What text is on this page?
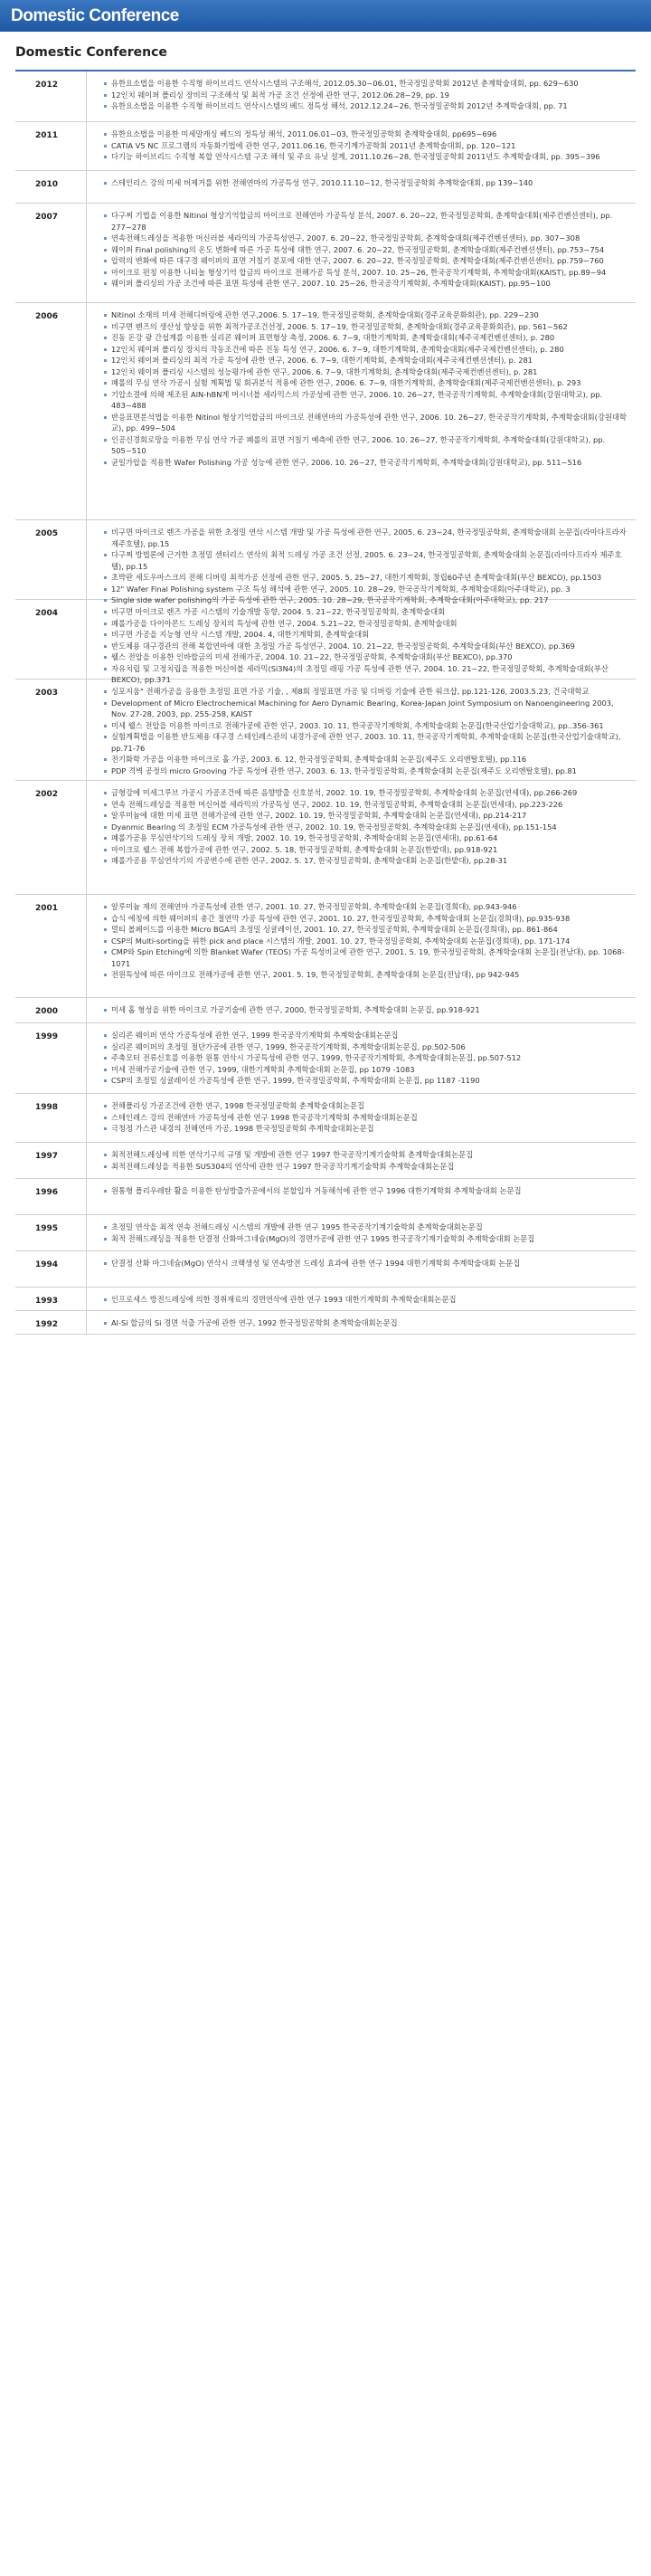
Domestic Conference
Domestic Conference
2012	유한요소법을 이용한 수직형 하이브리드 연삭시스템의 구조해석, 2012.05.30~06.01, 한국정밀공학회 2012년 춘계학술대회, pp. 629~630
12인치 웨이퍼 폴리싱 장비의 구조해석 및 최적 가공 조건 선정에 관한 연구, 2012.06.28~29, pp. 19
유한요소법을 이용한 수직형 하이브리드 연삭시스템의 베드 정특성 해석, 2012.12.24~26, 한국정밀공학회 2012년 추계학술대회, pp. 71
2011	유한요소법을 이용한 미세말캐싱 베드의 정특성 해석, 2011.06.01~03, 한국정밀공학회 춘계학술대회, pp695~696
CATIA V5 NC 프로그램의 자동화기법에 관한 연구, 2011.06.16, 한국기계가공학회 2011년 춘계학술대회, pp. 120~121
다기능 하이브리드 수직형 복합 연삭시스템 구조 해석 및 주요 유닛 설계, 2011.10.26~28, 한국정밀공학회 2011년도 추계학술대회, pp. 395~396
2010	스테인리스 강의 미세 버제거를 위한 전해연마의 가공특성 연구, 2010.11.10~12, 한국정밀공학회 추계학술대회, pp 139~140
2007	다구찌 기법을 이용한 Nitinol 형상기억합금의 마이크로 전해연마 가공특성 분석, 2007. 6. 20~22, 한국정밀공학회, 춘계학술대회(제주컨벤션센터), pp. 277~278
연속전해드레싱을 적용한 머신러블 세라믹의 가공특성연구, 2007. 6. 20~22, 한국정밀공학회, 춘계학술대회(제주컨벤션센터), pp. 307~308
웨이퍼 Final polishing의 온도 변화에 따른 가공 특성에 대한 연구, 2007. 6. 20~22, 한국정밀공학회, 춘계학술대회(제주컨벤션센터), pp.753~754
압력의 변화에 따른 대구경 웨이퍼의 표면 거칠기 분포에 대한 연구, 2007. 6. 20~22, 한국정밀공학회, 춘계학술대회(제주컨벤션센터), pp.759~760
마이크로 펀칭 이용한 니티놀 형상기억 합금의 마이크로 전해가공 특성 분석, 2007. 10. 25~26, 한국공작기계학회, 추계학술대회(KAIST), pp.89~94
웨이퍼 폴리싱의 가공 조건에 따른 표면 특성에 관한 연구, 2007. 10. 25~26, 한국공작기계학회, 추계학술대회(KAIST), pp.95~100
2006	Nitinol 소재의 미세 전해디버링에 관한 연구,2006. 5. 17~19, 한국정밀공학회, 춘계학술대회(경주교육문화회관), pp. 229~230
비구면 렌즈의 생산성 향상을 위한 최적가공조건선정, 2006. 5. 17~19, 한국정밀공학회, 춘계학술대회(경주교육문화회관), pp. 561~562
진동 돈강 광 간섭계를 이용한 실리콘 웨이퍼 표면형상 측정, 2006. 6. 7~9, 대한기계학회, 춘계학술대회(제주국제컨벤션센터), p. 280
12인치 웨이퍼 폴리싱 장치의 작동조건에 따른 진동 특성 연구, 2006. 6. 7~9, 대한기계학회, 춘계학술대회(제주국제컨벤션센터), p. 280
12인치 웨이퍼 폴리싱의 최적 가공 특성에 관한 연구, 2006. 6. 7~9, 대한기계학회, 춘계학술대회(제주국제컨벤션센터), p. 281
12인치 웨이퍼 폴리싱 시스템의 성능평가에 관한 연구, 2006. 6. 7~9, 대한기계학회, 춘계학술대회(제주국제컨벤션센터), p. 281
폐롤의 무심 연삭 가공시 실험 계획법 및 회귀분석 적용에 관한 연구, 2006. 6. 7~9, 대한기계학회, 춘계학술대회(제주국제컨벤션센터), p. 293
기압소결에 의해 제조된 AlN-hBN계 머시너블 세라믹스의 가공성에 관한 연구, 2006. 10. 26~27, 한국공작기계학회, 추계학술대회(강원대학교), pp. 483~488
반응표면분석법을 이용한 Nitinol 형상기억합금의 마이크로 전해연마의 가공특성에 관한 연구, 2006. 10. 26~27, 한국공작기계학회, 추계학술대회(강원대학교), pp. 499~504
인공신경회로망을 이용한 무심 연삭 가공 폐롤의 표면 거칠기 예측에 관한 연구, 2006. 10. 26~27, 한국공작기계학회, 추계학술대회(강원대학교), pp. 505~510
균일가압을 적용한 Wafer Polishing 가공 성능에 관한 연구, 2006. 10. 26~27, 한국공작기계학회, 추계학술대회(강원대학교), pp. 511~516
2005	비구면 마이크로 렌즈 가공을 위한 초정밀 연삭 시스템 개발 및 가공 특성에 관한 연구, 2005. 6. 23~24, 한국정밀공학회, 춘계학술대회 논문집(라마다프라자 제주호텔), pp.15
다구찌 방법론에 근거한 초정밀 센터리스 연삭의 최적 드레싱 가공 조건 선정, 2005. 6. 23~24, 한국정밀공학회, 춘계학술대회 논문집(라마다프라자 제주호텔), pp.15
초박판 세도우마스크의 전해 디버링 최적가공 선정에 관한 연구, 2005. 5. 25~27, 대한기계학회, 창립60주년 춘계학술대회(부산 BEXCO), pp.1503
12" Wafer Final Polishing system 구조 특성 해석에 관한 연구, 2005. 10. 28~29, 한국공작기계학회, 추계학술대회(아주대학교), pp. 3
Single side wafer polishing의 가공 특성에 관한 연구, 2005. 10. 28~29, 한국공작기계학회, 추계학술대회(아주대학교), pp. 217
2004	비구면 마이크로 렌즈 가공 시스템의 기술개발 동향, 2004. 5. 21~22, 한국정밀공학회, 춘계학술대회
폐롤가공을 다이아몬드 드레싱 장치의 특성에 관한 연구, 2004. 5.21~22, 한국정밀공학회, 춘계학술대회
비구면 가공을 지능형 연삭 시스템 개발, 2004. 4, 대한기계학회, 춘계학술대회
반도체용 대구경관의 전해 복합연마에 대한 초정밀 가공 특성연구, 2004. 10. 21~22, 한국정밀공학회, 추계학술대회(부산 BEXCO), pp.369
웰스 전압을 이용한 인바합금의 미세 전해가공, 2004. 10. 21~22, 한국정밀공학회, 추계학술대회(부산 BEXCO), pp.370
자유치립 및 고정치립을 적용한 머신어블 세라믹(Si3N4)의 초정밀 래핑 가공 특성에 관한 연구, 2004. 10. 21~22, 한국정밀공학회, 추계학술대회(부산 BEXCO), pp.371
2003	싱포지움" 전해가공을 응용한 초정밀 표면 가공 기술, , 제8회 정밀표면 가공 및 디버링 기술에 관한 워크샵, pp.121-126, 2003.5.23, 건국대학교
Development of Micro Electrochemical Machining for Aero Dynamic Bearing, Korea-Japan Joint Symposium on Nanoengineering 2003, Nov. 27-28, 2003, pp. 255-258, KAIST
미세 웰스 전압을 이용한 마이크로 전해가공에 관한 연구, 2003. 10. 11, 한국공작기계학회, 추계학술대회 논문집(한국산업기술대학교), pp..356-361
실험계획법을 이용한 반도체용 대구경 스테인레스관의 내경가공에 관한 연구, 2003. 10. 11, 한국공작기계학회, 추계학술대회 논문집(한국산업기술대학교), pp.71-76
전기화학 가공을 이용한 마이크로 홀 가공, 2003. 6. 12, 한국정밀공학회, 춘계학술대회 논문집(제주도 오리엔탈호텔), pp.116
PDP 격벽 공정의 micro Grooving 가공 특성에 관한 연구, 2003. 6. 13, 한국정밀공학회, 춘계학술대회 논문집(제주도 오리엔탈호텔), pp.81
2002	금형강에 미세그루브 가공시 가공조건에 따른 음향방출 신호분석, 2002. 10. 19, 한국정밀공학회, 추계학술대회 논문집(연세대), pp.266-269
연속 전해드레싱을 적용한 머신어블 세라믹의 가공특성 연구, 2002. 10. 19, 한국정밀공학회, 추계학술대회 논문집(연세대), pp.223-226
알루미늄에 대한 미세 표면 전해가공에 관한 연구, 2002. 10. 19, 한국정밀공학회, 추계학술대회 논문집(연세대), pp.214-217
Dyanmic Bearing 의 초정밀 ECM 가공특성에 관한 연구, 2002. 10. 19, 한국정밀공학회, 추계학술대회 논문집(연세대), pp.151-154
폐롤가공용 무심연삭기의 드레싱 장치 개발, 2002. 10. 19, 한국정밀공학회, 추계학술대회 논문집(연세대), pp.61-64
마이크로 웰스 전해 복합가공에 관한 연구, 2002. 5. 18, 한국정밀공학회, 춘계학술대회 논문집(한밭대), pp.918-921
폐롤가공용 무심연삭기의 가공변수에 관한 연구, 2002. 5. 17, 한국정밀공학회, 춘계학술대회 논문집(한밭대), pp.28-31
2001	알루미늄 재의 전해연마 가공특성에 관한 연구, 2001. 10. 27, 한국정밀공학회, 추계학술대회 논문집(경희대), pp.943-946
습식 에칭에 의한 웨이퍼의 총간 절연막 가공 특성에 관한 연구, 2001. 10. 27, 한국정밀공학회, 추계학술대회 논문집(경희대), pp.935-938
멀티 볼페이드를 이용한 Micro BGA의 초정밀 싱귤레이션, 2001. 10. 27, 한국정밀공학회, 추계학술대회 논문집(경희대), pp. 861-864
CSP의 Multi-sorting을 위한 pick and place 시스템의 개발, 2001. 10. 27, 한국정밀공학회, 추계학술대회 논문집(경희대), pp. 171-174
CMP와 Spin Etching에 의한 Blanket Wafer (TEOS) 가공 특성비교에 관한 연구, 2001. 5. 19, 한국정밀공학회, 춘계학술대회 논문집(전남대), pp. 1068-1071
전원특성에 따른 마이크로 전해가공에 관한 연구, 2001. 5. 19, 한국정밀공학회, 춘계학술대회 논문집(전남대), pp 942-945
2000	미세 홀 형성을 위한 마이크로 가공기술에 관한 연구, 2000, 한국정밀공학회, 추계학술대회 논문집, pp.918-921
1999	실리콘 웨이퍼 연삭 가공특성에 관한 연구, 1999 한국공작기계학회 추계학술대회논문집
실리콘 웨이퍼의 초정밀 절단가공에 관한 연구, 1999, 한국공작기계학회, 추계학술대회논문집, pp.502-506
주축모터 전류신호를 이용한 원통 연삭시 가공특성에 관한 연구, 1999, 한국공작기계학회, 추계학술대회논문집, pp.507-512
미세 전해가공기술에 관한 연구, 1999, 대한기계학회 추계학술대회 논문집, pp 1079 -1083
CSP의 초정밀 싱귤레이션 가공특성에 관한 연구, 1999, 한국정밀공학회, 추계학술대회 논문집, pp 1187 -1190
1998	전해폴리싱 가공조건에 관한 연구, 1998 한국정밀공학회 춘계학술대회논문집
스테인레스 강의 전해연마 가공특성에 관한 연구 1998 한국공작기계학회 추계학술대회논문집
극청정 가스관 내경의 전해연마 가공, 1998 한국정밀공학회 추계학술대회논문집
1997	최적전해드레싱에 의한 연삭기구의 규명 및 개발에 관한 연구 1997 한국공작기계기술학회 춘계학술대회논문집
최적전해드레싱을 적용한 SUS304의 연삭에 관한 연구 1997 한국공작기계기술학회 추계학술대회논문집
1996	원통형 폴리우레탄 활을 이용한 탄성방출가공에서의 분할입자 거동해석에 관한 연구 1996 대한기계학회 추계학술대회 논문집
1995	초정밀 연삭을 최적 연속 전해드레싱 시스템의 개발에 관한 연구 1995 한국공작기계기술학회 춘계학술대회논문집
최적 전해드레싱을 적용한 단결정 산화마그네슘(MgO)의 경면가공에 관한 연구 1995 한국공작기계기술학회 추계학술대회 논문집
1994	단결정 산화 마그네슘(MgO) 연삭시 크랙생성 및 연속방전 드레싱 효과에 관한 연구 1994 대한기계학회 추계학술대회 논문집
1993	인프로세스 방전드레싱에 의한 경취재료의 경면연삭에 관한 연구 1993 대한기계학회 추계학술대회논문집
1992	Al-Si 합금의 Si 경면 석출 가공에 관한 연구, 1992 한국정밀공학회 춘계학술대회논문집
